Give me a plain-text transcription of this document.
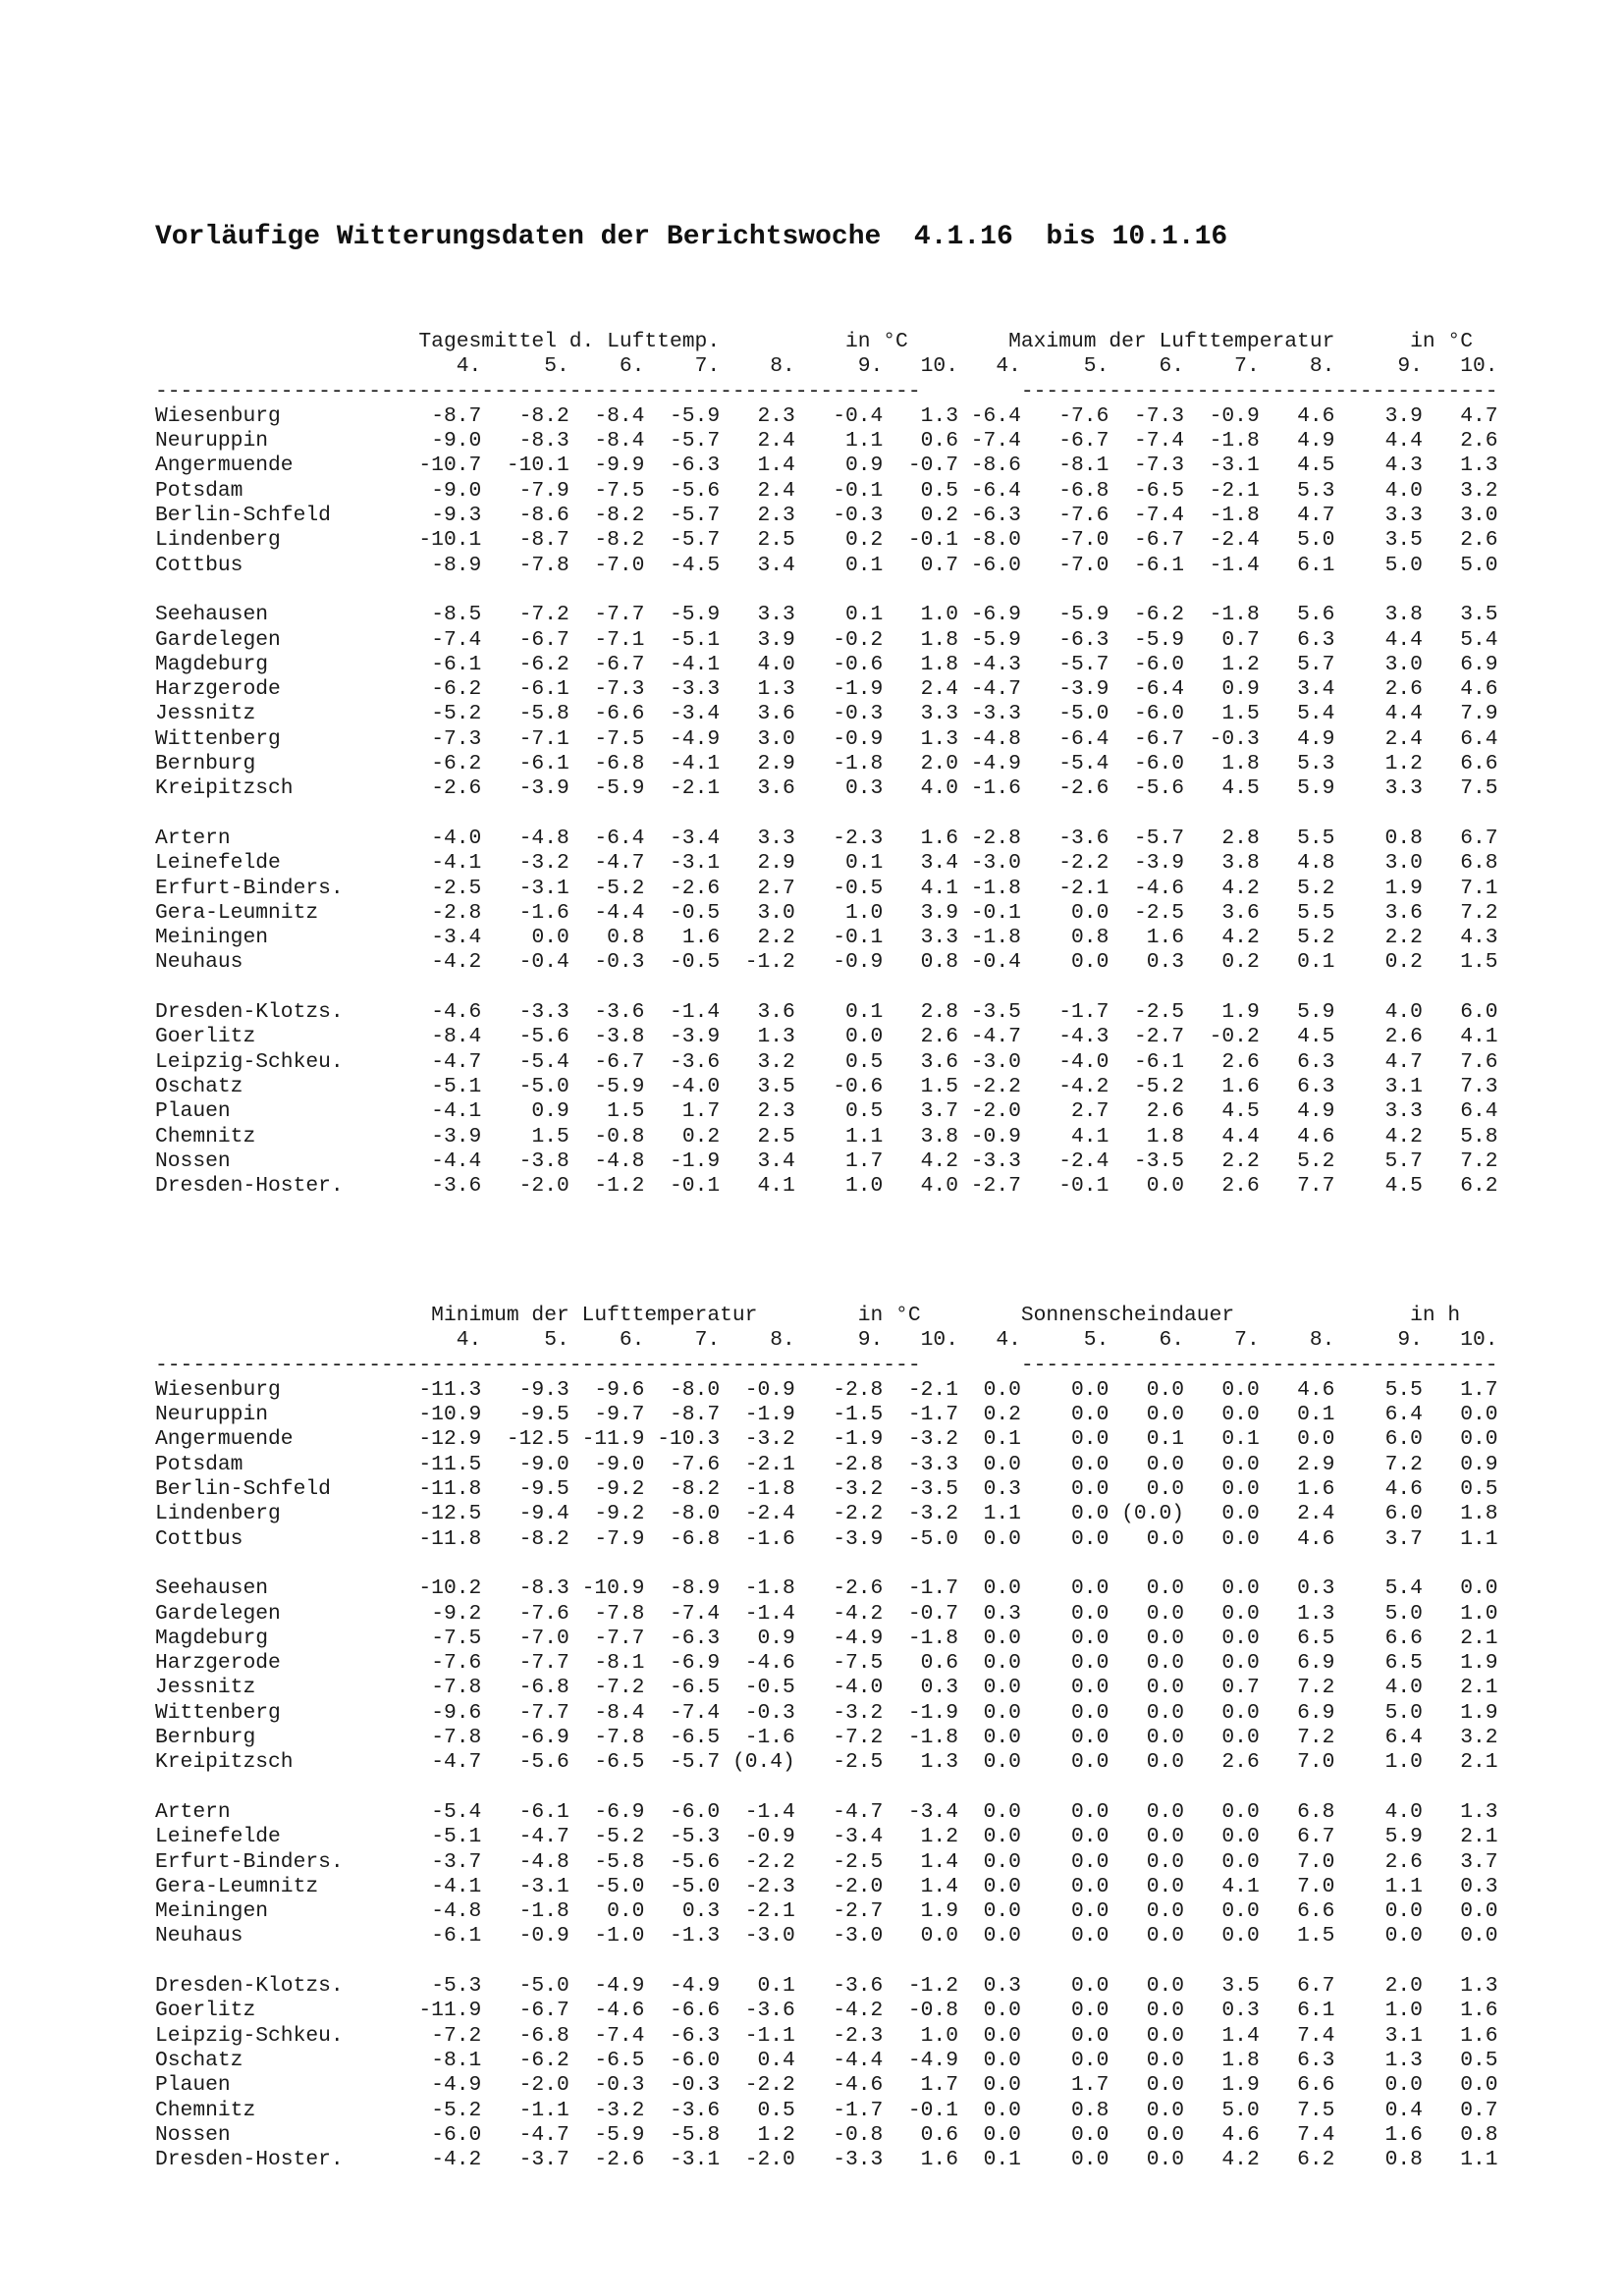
Vorläufige Witterungsdaten der Berichtswoche  4.1.16  bis 10.1.16
Tagesmittel d. Lufttemp.	in °C	Maximum der Lufttemperatur	in °C
4.	5. 6. 7. 8.	9. 10. 4.	5. 6. 7. 8.	9. 10.
-------------------------------------------------------------        --------------------------------------
Wiesenburg	-8.7 -8.2 -8.4 -5.9 2.3 -0.4 1.3 -6.4 -7.6 -7.3 -0.9 4.6 3.9 4.7
Neuruppin	-9.0 -8.3 -8.4 -5.7 2.4 1.1 0.6 -7.4 -6.7 -7.4 -1.8 4.9 4.4 2.6
Angermuende	-10.7 -10.1 -9.9 -6.3 1.4 0.9 -0.7 -8.6 -8.1 -7.3 -3.1 4.5 4.3 1.3
Potsdam	-9.0 -7.9 -7.5 -5.6 2.4 -0.1 0.5 -6.4 -6.8 -6.5 -2.1 5.3 4.0 3.2
Berlin-Schfeld	-9.3 -8.6 -8.2 -5.7 2.3 -0.3 0.2 -6.3 -7.6 -7.4 -1.8 4.7 3.3 3.0
Lindenberg	-10.1 -8.7 -8.2 -5.7 2.5 0.2 -0.1 -8.0 -7.0 -6.7 -2.4 5.0 3.5 2.6
Cottbus	-8.9 -7.8 -7.0 -4.5 3.4 0.1 0.7 -6.0 -7.0 -6.1 -1.4 6.1 5.0 5.0

Seehausen	-8.5 -7.2 -7.7 -5.9 3.3 0.1 1.0 -6.9 -5.9 -6.2 -1.8 5.6 3.8 3.5
Gardelegen	-7.4 -6.7 -7.1 -5.1 3.9 -0.2 1.8 -5.9 -6.3 -5.9 0.7 6.3 4.4 5.4
Magdeburg	-6.1 -6.2 -6.7 -4.1 4.0 -0.6 1.8 -4.3 -5.7 -6.0 1.2 5.7 3.0 6.9
Harzgerode	-6.2 -6.1 -7.3 -3.3 1.3 -1.9 2.4 -4.7 -3.9 -6.4 0.9 3.4 2.6 4.6
Jessnitz	-5.2 -5.8 -6.6 -3.4 3.6 -0.3 3.3 -3.3 -5.0 -6.0 1.5 5.4 4.4 7.9
Wittenberg	-7.3 -7.1 -7.5 -4.9 3.0 -0.9 1.3 -4.8 -6.4 -6.7 -0.3 4.9 2.4 6.4
Bernburg	-6.2 -6.1 -6.8 -4.1 2.9 -1.8 2.0 -4.9 -5.4 -6.0 1.8 5.3 1.2 6.6
Kreipitzsch	-2.6 -3.9 -5.9 -2.1 3.6 0.3 4.0 -1.6 -2.6 -5.6 4.5 5.9 3.3 7.5

Artern	-4.0 -4.8 -6.4 -3.4 3.3 -2.3 1.6 -2.8 -3.6 -5.7 2.8 5.5 0.8 6.7
Leinefelde	-4.1 -3.2 -4.7 -3.1 2.9 0.1 3.4 -3.0 -2.2 -3.9 3.8 4.8 3.0 6.8
Erfurt-Binders.	-2.5 -3.1 -5.2 -2.6 2.7 -0.5 4.1 -1.8 -2.1 -4.6 4.2 5.2 1.9 7.1
Gera-Leumnitz	-2.8 -1.6 -4.4 -0.5 3.0 1.0 3.9 -0.1 0.0 -2.5 3.6 5.5 3.6 7.2
Meiningen	-3.4 0.0 0.8 1.6 2.2 -0.1 3.3 -1.8 0.8 1.6 4.2 5.2 2.2 4.3
Neuhaus	-4.2 -0.4 -0.3 -0.5 -1.2 -0.9 0.8 -0.4 0.0 0.3 0.2 0.1 0.2 1.5

Dresden-Klotzs.	-4.6 -3.3 -3.6 -1.4 3.6 0.1 2.8 -3.5 -1.7 -2.5 1.9 5.9 4.0 6.0
Goerlitz	-8.4 -5.6 -3.8 -3.9 1.3 0.0 2.6 -4.7 -4.3 -2.7 -0.2 4.5 2.6 4.1
Leipzig-Schkeu.	-4.7 -5.4 -6.7 -3.6 3.2 0.5 3.6 -3.0 -4.0 -6.1 2.6 6.3 4.7 7.6
Oschatz	-5.1 -5.0 -5.9 -4.0 3.5 -0.6 1.5 -2.2 -4.2 -5.2 1.6 6.3 3.1 7.3
Plauen	-4.1 0.9 1.5 1.7 2.3 0.5 3.7 -2.0 2.7 2.6 4.5 4.9 3.3 6.4
Chemnitz	-3.9 1.5 -0.8 0.2 2.5 1.1 3.8 -0.9 4.1 1.8 4.4 4.6 4.2 5.8
Nossen	-4.4 -3.8 -4.8 -1.9 3.4 1.7 4.2 -3.3 -2.4 -3.5 2.2 5.2 5.7 7.2
Dresden-Hoster.	-3.6 -2.0 -1.2 -0.1 4.1 1.0 4.0 -2.7 -0.1 0.0 2.6 7.7 4.5 6.2

Minimum der Lufttemperatur	in °C	Sonnenscheindauer	in h
4.	5. 6. 7. 8.	9. 10. 4.	5. 6. 7. 8.	9. 10.
-------------------------------------------------------------        --------------------------------------
Wiesenburg	-11.3 -9.3 -9.6 -8.0 -0.9 -2.8 -2.1 0.0 0.0 0.0 0.0 4.6 5.5 1.7
Neuruppin	-10.9 -9.5 -9.7 -8.7 -1.9 -1.5 -1.7 0.2 0.0 0.0 0.0 0.1 6.4 0.0
Angermuende	-12.9 -12.5 -11.9 -10.3 -3.2 -1.9 -3.2 0.1 0.0 0.1 0.1 0.0 6.0 0.0
Potsdam	-11.5 -9.0 -9.0 -7.6 -2.1 -2.8 -3.3 0.0 0.0 0.0 0.0 2.9 7.2 0.9
Berlin-Schfeld	-11.8 -9.5 -9.2 -8.2 -1.8 -3.2 -3.5 0.3 0.0 0.0 0.0 1.6 4.6 0.5
Lindenberg	-12.5 -9.4 -9.2 -8.0 -2.4 -2.2 -3.2 1.1 0.0 (0.0) 0.0 2.4 6.0 1.8
Cottbus	-11.8 -8.2 -7.9 -6.8 -1.6 -3.9 -5.0 0.0 0.0 0.0 0.0 4.6 3.7 1.1

Seehausen	-10.2 -8.3 -10.9 -8.9 -1.8 -2.6 -1.7 0.0 0.0 0.0 0.0 0.3 5.4 0.0
Gardelegen	-9.2 -7.6 -7.8 -7.4 -1.4 -4.2 -0.7 0.3 0.0 0.0 0.0 1.3 5.0 1.0
Magdeburg	-7.5 -7.0 -7.7 -6.3 0.9 -4.9 -1.8 0.0 0.0 0.0 0.0 6.5 6.6 2.1
Harzgerode	-7.6 -7.7 -8.1 -6.9 -4.6 -7.5 0.6 0.0 0.0 0.0 0.0 6.9 6.5 1.9
Jessnitz	-7.8 -6.8 -7.2 -6.5 -0.5 -4.0 0.3 0.0 0.0 0.0 0.7 7.2 4.0 2.1
Wittenberg	-9.6 -7.7 -8.4 -7.4 -0.3 -3.2 -1.9 0.0 0.0 0.0 0.0 6.9 5.0 1.9
Bernburg	-7.8 -6.9 -7.8 -6.5 -1.6 -7.2 -1.8 0.0 0.0 0.0 0.0 7.2 6.4 3.2
Kreipitzsch	-4.7 -5.6 -6.5 -5.7 (0.4) -2.5 1.3 0.0 0.0 0.0 2.6 7.0 1.0 2.1

Artern	-5.4 -6.1 -6.9 -6.0 -1.4 -4.7 -3.4 0.0 0.0 0.0 0.0 6.8 4.0 1.3
Leinefelde	-5.1 -4.7 -5.2 -5.3 -0.9 -3.4 1.2 0.0 0.0 0.0 0.0 6.7 5.9 2.1
Erfurt-Binders.	-3.7 -4.8 -5.8 -5.6 -2.2 -2.5 1.4 0.0 0.0 0.0 0.0 7.0 2.6 3.7
Gera-Leumnitz	-4.1 -3.1 -5.0 -5.0 -2.3 -2.0 1.4 0.0 0.0 0.0 4.1 7.0 1.1 0.3
Meiningen	-4.8 -1.8 0.0 0.3 -2.1 -2.7 1.9 0.0 0.0 0.0 0.0 6.6 0.0 0.0
Neuhaus	-6.1 -0.9 -1.0 -1.3 -3.0 -3.0 0.0 0.0 0.0 0.0 0.0 1.5 0.0 0.0

Dresden-Klotzs.	-5.3 -5.0 -4.9 -4.9 0.1 -3.6 -1.2 0.3 0.0 0.0 3.5 6.7 2.0 1.3
Goerlitz	-11.9 -6.7 -4.6 -6.6 -3.6 -4.2 -0.8 0.0 0.0 0.0 0.3 6.1 1.0 1.6
Leipzig-Schkeu.	-7.2 -6.8 -7.4 -6.3 -1.1 -2.3 1.0 0.0 0.0 0.0 1.4 7.4 3.1 1.6
Oschatz	-8.1 -6.2 -6.5 -6.0 0.4 -4.4 -4.9 0.0 0.0 0.0 1.8 6.3 1.3 0.5
Plauen	-4.9 -2.0 -0.3 -0.3 -2.2 -4.6 1.7 0.0 1.7 0.0 1.9 6.6 0.0 0.0
Chemnitz	-5.2 -1.1 -3.2 -3.6 0.5 -1.7 -0.1 0.0 0.8 0.0 5.0 7.5 0.4 0.7
Nossen	-6.0 -4.7 -5.9 -5.8 1.2 -0.8 0.6 0.0 0.0 0.0 4.6 7.4 1.6 0.8
Dresden-Hoster.	-4.2 -3.7 -2.6 -3.1 -2.0 -3.3 1.6 0.1 0.0 0.0 4.2 6.2 0.8 1.1
